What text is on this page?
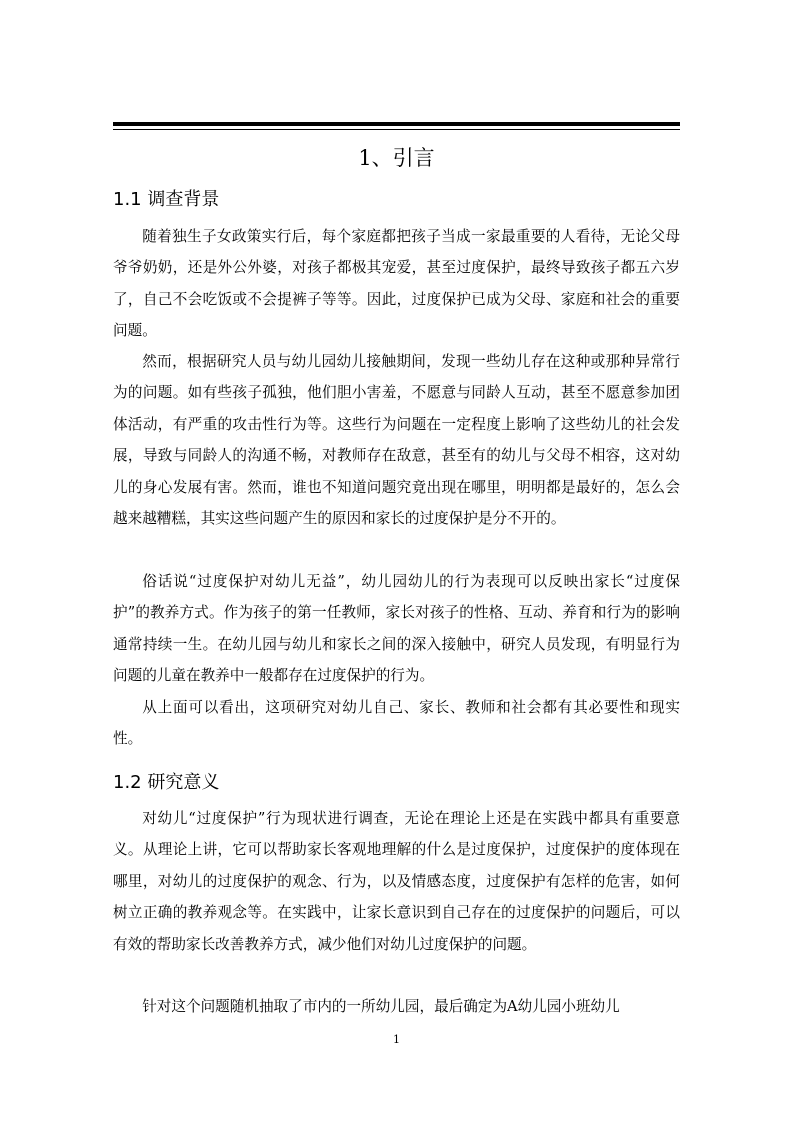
1、引言
1.1 调查背景

随着独生子女政策实行后，每个家庭都把孩子当成一家最重要的人看待，无论父母爷爷奶奶，还是外公外婆，对孩子都极其宠爱，甚至过度保护，最终导致孩子都五六岁了，自己不会吃饭或不会提裤子等等。因此，过度保护已成为父母、家庭和社会的重要问题。

然而，根据研究人员与幼儿园幼儿接触期间，发现一些幼儿存在这种或那种异常行为的问题。如有些孩子孤独，他们胆小害羞，不愿意与同龄人互动，甚至不愿意参加团体活动，有严重的攻击性行为等。这些行为问题在一定程度上影响了这些幼儿的社会发展，导致与同龄人的沟通不畅，对教师存在敌意，甚至有的幼儿与父母不相容，这对幼儿的身心发展有害。然而，谁也不知道问题究竟出现在哪里，明明都是最好的，怎么会越来越糟糕，其实这些问题产生的原因和家长的过度保护是分不开的。

俗话说“过度保护对幼儿无益”，幼儿园幼儿的行为表现可以反映出家长“过度保护”的教养方式。作为孩子的第一任教师，家长对孩子的性格、互动、养育和行为的影响通常持续一生。在幼儿园与幼儿和家长之间的深入接触中，研究人员发现，有明显行为问题的儿童在教养中一般都存在过度保护的行为。

从上面可以看出，这项研究对幼儿自己、家长、教师和社会都有其必要性和现实性。

1.2 研究意义

对幼儿“过度保护”行为现状进行调查，无论在理论上还是在实践中都具有重要意义。从理论上讲，它可以帮助家长客观地理解的什么是过度保护，过度保护的度体现在哪里，对幼儿的过度保护的观念、行为，以及情感态度，过度保护有怎样的危害，如何树立正确的教养观念等。在实践中，让家长意识到自己存在的过度保护的问题后，可以有效的帮助家长改善教养方式，减少他们对幼儿过度保护的问题。

针对这个问题随机抽取了市内的一所幼儿园，最后确定为A幼儿园小班幼儿

1
